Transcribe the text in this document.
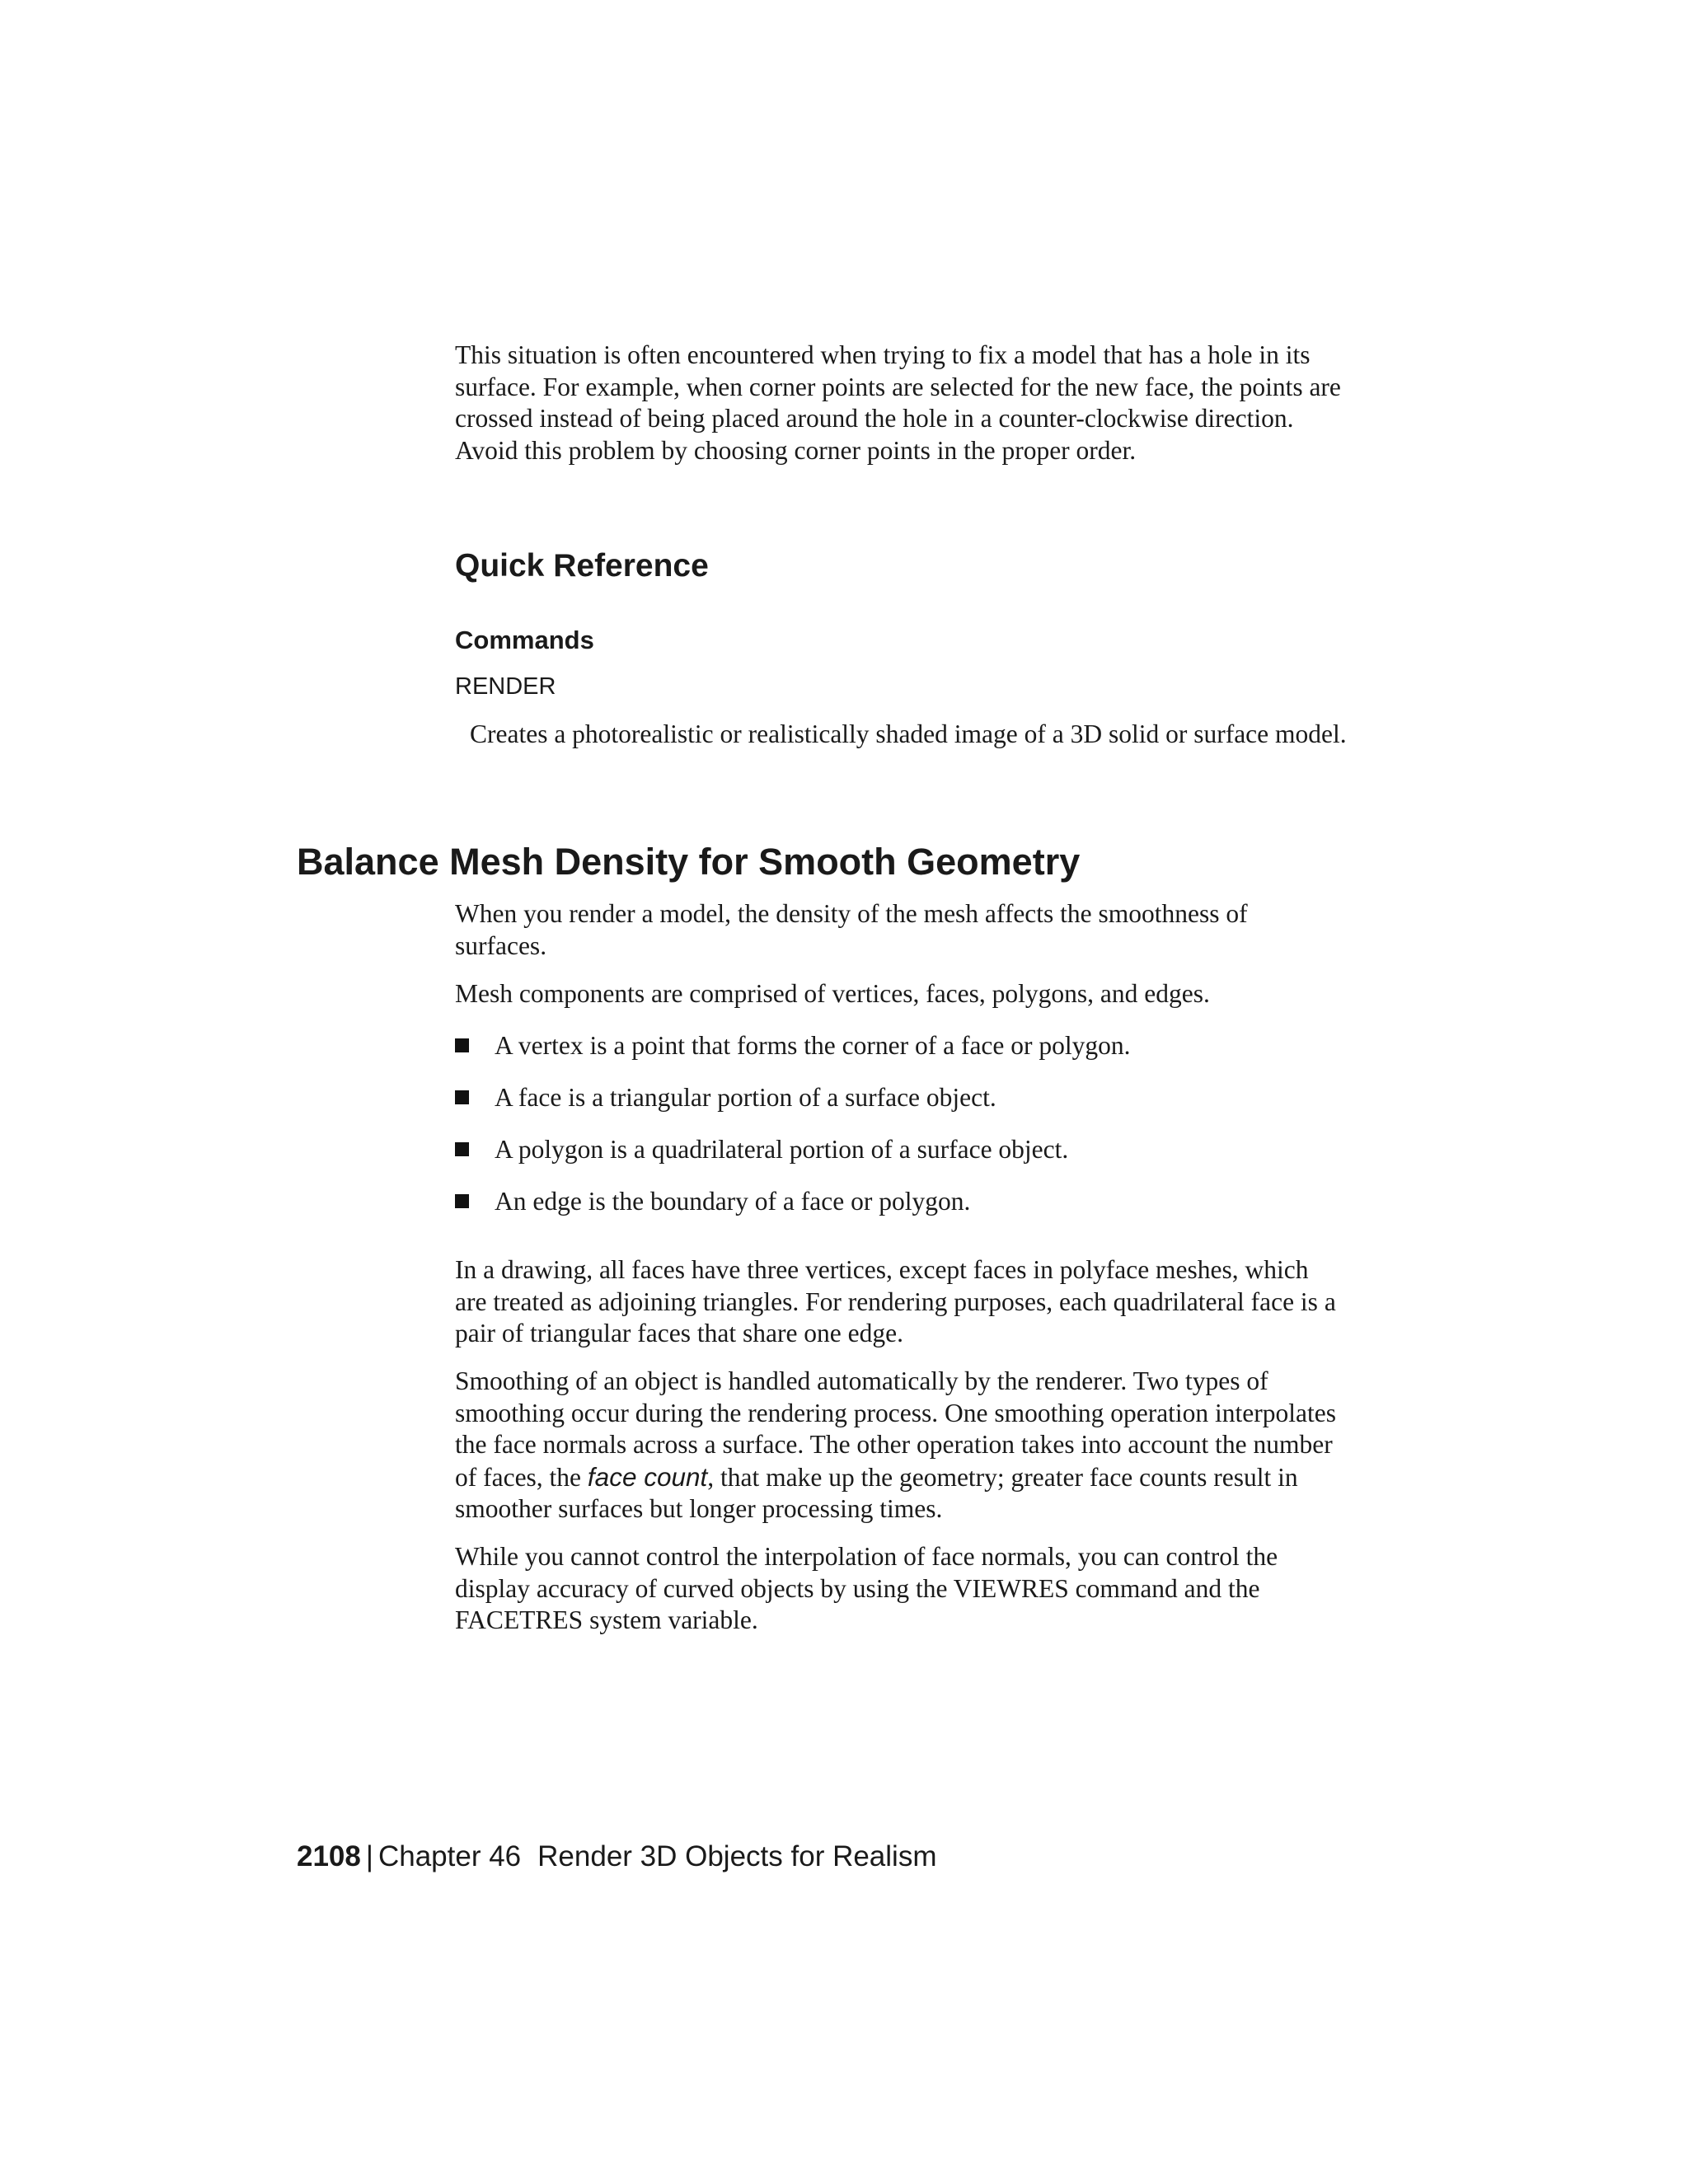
This situation is often encountered when trying to fix a model that has a hole in its surface. For example, when corner points are selected for the new face, the points are crossed instead of being placed around the hole in a counter-clockwise direction. Avoid this problem by choosing corner points in the proper order.

Quick Reference
Commands
RENDER

Creates a photorealistic or realistically shaded image of a 3D solid or surface model.

Balance Mesh Density for Smooth Geometry

When you render a model, the density of the mesh affects the smoothness of surfaces.

Mesh components are comprised of vertices, faces, polygons, and edges.

A vertex is a point that forms the corner of a face or polygon.
A face is a triangular portion of a surface object.
A polygon is a quadrilateral portion of a surface object.
An edge is the boundary of a face or polygon.

In a drawing, all faces have three vertices, except faces in polyface meshes, which are treated as adjoining triangles. For rendering purposes, each quadrilateral face is a pair of triangular faces that share one edge.

Smoothing of an object is handled automatically by the renderer. Two types of smoothing occur during the rendering process. One smoothing operation interpolates the face normals across a surface. The other operation takes into account the number of faces, the face count, that make up the geometry; greater face counts result in smoother surfaces but longer processing times.

While you cannot control the interpolation of face normals, you can control the display accuracy of curved objects by using the VIEWRES command and the FACETRES system variable.

2108 | Chapter 46 Render 3D Objects for Realism
